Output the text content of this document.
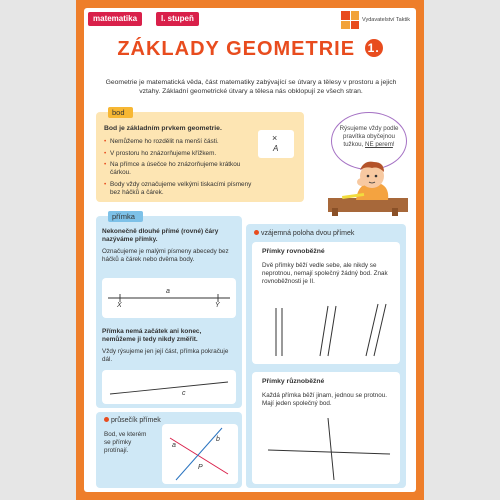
matematika	I. stupeň	Vydavatelství Taktik
ZÁKLADY GEOMETRIE 1.

Geometrie je matematická věda, část matematiky zabývající se útvary a tělesy v prostoru a jejich vztahy. Základní geometrické útvary a tělesa nás obklopují ze všech stran.

bod
Bod je základním prvkem geometrie.
• Nemůžeme ho rozdělit na menší části.
• V prostoru ho znázorňujeme křížkem.
• Na přímce a úsečce ho znázorňujeme krátkou čárkou.
• Body vždy označujeme velkými tiskacími písmeny bez háčků a čárek.
×
A
Rýsujeme vždy podle pravítka obyčejnou tužkou, NE perem!
přímka
Nekonečně dlouhé přímé (rovné) čáry nazýváme přímky.
Označujeme je malými písmeny abecedy bez háčků a čárek nebo dvěma body.
X
a
Y
Přímka nemá začátek ani konec, nemůžeme ji tedy nikdy změřit.
Vždy rýsujeme jen její část, přímka pokračuje dál.
c
průsečík přímek
Bod, ve kterém se přímky protínají.
a
b
P
vzájemná poloha dvou přímek
Přímky rovnoběžné
Dvě přímky běží vedle sebe, ale nikdy se neprotnou, nemají společný žádný bod. Znak rovnoběžnosti je II.
Přímky různoběžné
Každá přímka běží jinam, jednou se protnou. Mají jeden společný bod.
